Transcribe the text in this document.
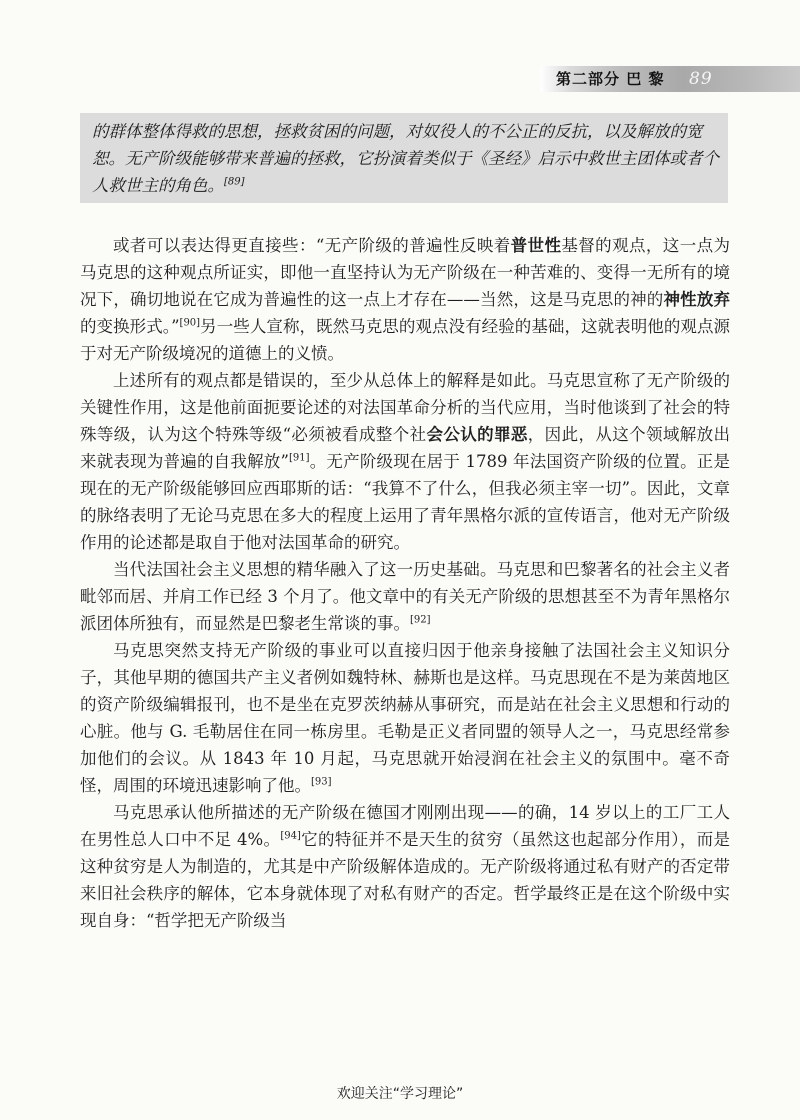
第二部分 巴 黎 89
的群体整体得救的思想，拯救贫困的问题，对奴役人的不公正的反抗，以及解放的宽恕。无产阶级能够带来普遍的拯救，它扮演着类似于《圣经》启示中救世主团体或者个人救世主的角色。[89]

或者可以表达得更直接些：“无产阶级的普遍性反映着普世性基督的观点，这一点为马克思的这种观点所证实，即他一直坚持认为无产阶级在一种苦难的、变得一无所有的境况下，确切地说在它成为普遍性的这一点上才存在——当然，这是马克思的神的神性放弃的变换形式。”[90]另一些人宣称，既然马克思的观点没有经验的基础，这就表明他的观点源于对无产阶级境况的道德上的义愤。

上述所有的观点都是错误的，至少从总体上的解释是如此。马克思宣称了无产阶级的关键性作用，这是他前面扼要论述的对法国革命分析的当代应用，当时他谈到了社会的特殊等级，认为这个特殊等级“必须被看成整个社会公认的罪恶，因此，从这个领域解放出来就表现为普遍的自我解放”[91]。无产阶级现在居于 1789 年法国资产阶级的位置。正是现在的无产阶级能够回应西耶斯的话：“我算不了什么，但我必须主宰一切”。因此，文章的脉络表明了无论马克思在多大的程度上运用了青年黑格尔派的宣传语言，他对无产阶级作用的论述都是取自于他对法国革命的研究。

当代法国社会主义思想的精华融入了这一历史基础。马克思和巴黎著名的社会主义者毗邻而居、并肩工作已经 3 个月了。他文章中的有关无产阶级的思想甚至不为青年黑格尔派团体所独有，而显然是巴黎老生常谈的事。[92]

马克思突然支持无产阶级的事业可以直接归因于他亲身接触了法国社会主义知识分子，其他早期的德国共产主义者例如魏特林、赫斯也是这样。马克思现在不是为莱茵地区的资产阶级编辑报刊，也不是坐在克罗茨纳赫从事研究，而是站在社会主义思想和行动的心脏。他与 G. 毛勒居住在同一栋房里。毛勒是正义者同盟的领导人之一，马克思经常参加他们的会议。从 1843 年 10 月起，马克思就开始浸润在社会主义的氛围中。毫不奇怪，周围的环境迅速影响了他。[93]

马克思承认他所描述的无产阶级在德国才刚刚出现——的确，14 岁以上的工厂工人在男性总人口中不足 4%。[94]它的特征并不是天生的贫穷（虽然这也起部分作用），而是这种贫穷是人为制造的，尤其是中产阶级解体造成的。无产阶级将通过私有财产的否定带来旧社会秩序的解体，它本身就体现了对私有财产的否定。哲学最终正是在这个阶级中实现自身：“哲学把无产阶级当

欢迎关注“学习理论”
